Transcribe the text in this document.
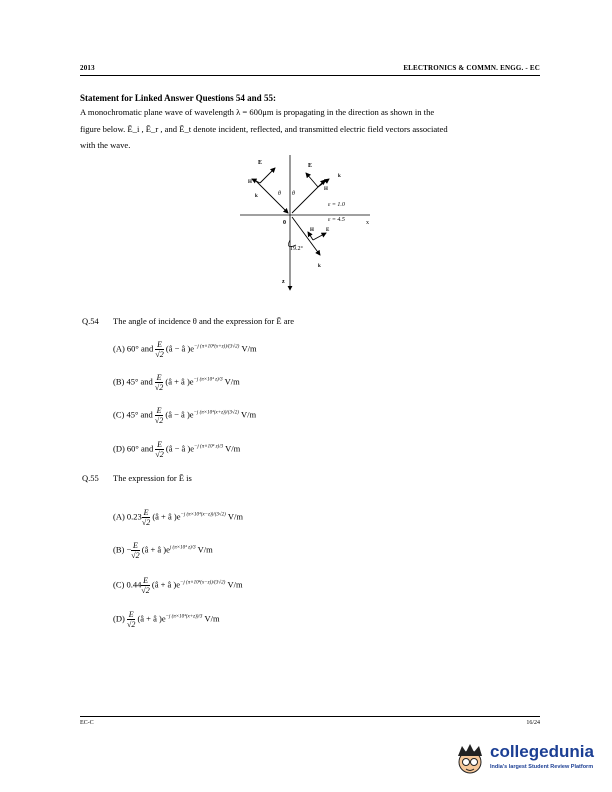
2013	ELECTRONICS & COMMN. ENGG. - EC
Statement for Linked Answer Questions 54 and 55:
A monochromatic plane wave of wavelength λ = 600μm is propagating in the direction as shown in the
figure below. Ē_i , Ē_r , and Ē_t denote incident, reflected, and transmitted electric field vectors associated
with the wave.
E
H
k
E
k
H
θ θ
0
ε = 1.0
ε = 4.5	x
19.2°
H E
k
z
Q.54 The angle of incidence θ and the expression for Ē are
(A) 60° and $\frac{E}{√2}$ (â − â )$e^{-j (\pi\times 10^4(x+z))/(3√2)}$ V/m
(B) 45° and $\frac{E}{√2}$ (â + â )$e^{-j (\pi\times 10^4 z)/3}$ V/m
(C) 45° and $\frac{E}{√2}$ (â − â )$e^{-j (\pi\times 10^4(x+z))/(3√2)}$ V/m
(D) 60° and $\frac{E}{√2}$ (â − â )$e^{-j (\pi\times 10^4 z)/3}$ V/m
Q.55 The expression for Ē is
(A) $0.23 \frac{E}{√2}$ (â + â )$e^{-j (\pi\times 10^4(x-z))/(3√2)}$ V/m
$(B) - \frac{E}{√2}$ (â + â )$e^{j (\pi\times 10^4 z)/3}$ V/m
(C) $0.44 \frac{E}{√2}$ (â + â )$e^{-j (\pi\times 10^4(x-z))/(3√2)}$ V/m
$(D) \frac{E}{√2}$ (â + â )$e^{-j (\pi\times 10^4(x+z))/3}$ V/m
EC-C	16/24
collegedunia
India's largest Student Review Platform
